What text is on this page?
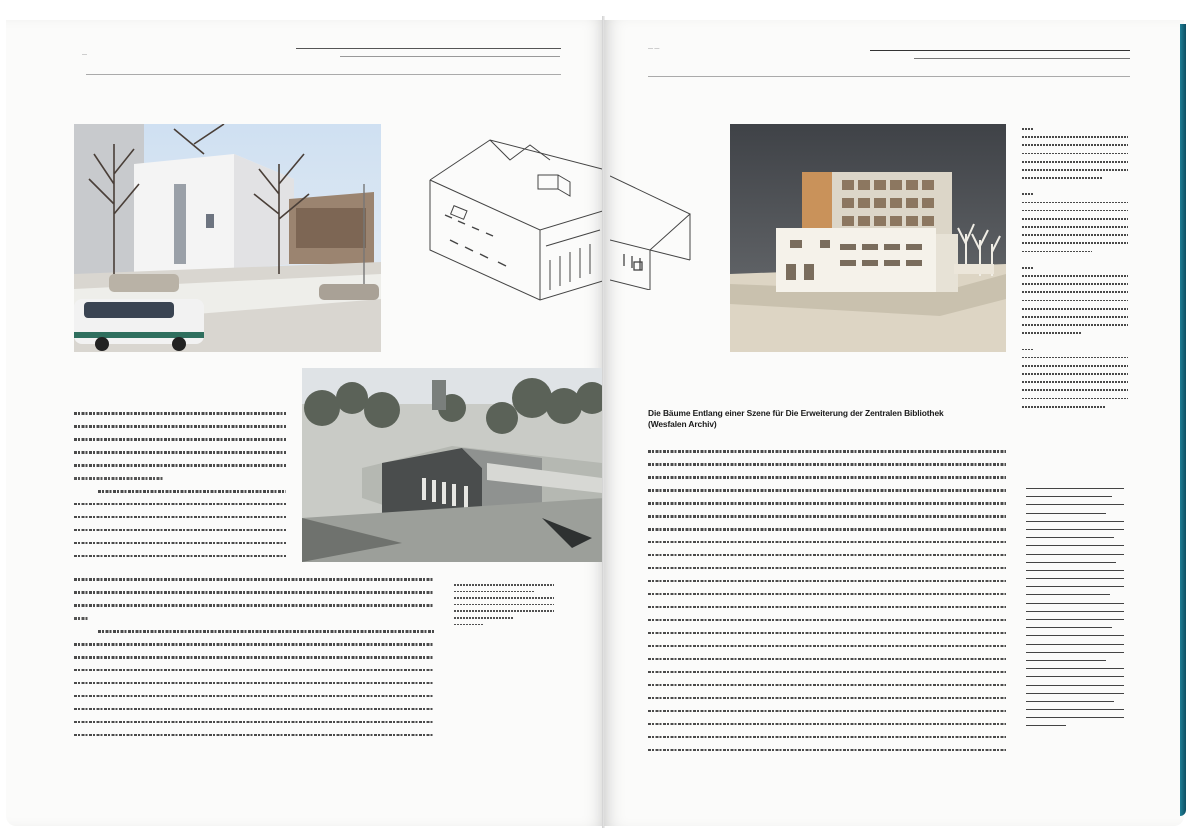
—
— —
Die Bäume Entlang einer Szene für Die Erweiterung der Zentralen Bibliothek (Wesfalen Archiv)
